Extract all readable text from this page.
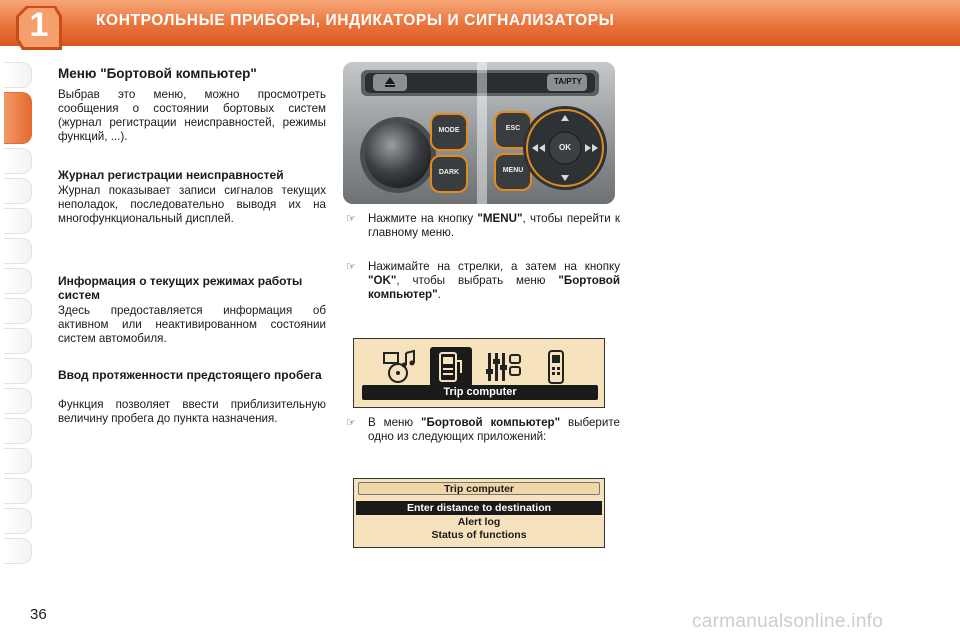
1	КОНТРОЛЬНЫЕ ПРИБОРЫ, ИНДИКАТОРЫ И СИГНАЛИЗАТОРЫ
Меню "Бортовой компьютер"
Выбрав это меню, можно просмотреть сообщения о состоянии бортовых систем (журнал регистрации неисправностей, режимы функций, ...).
Журнал регистрации неисправностей
Журнал показывает записи сигналов текущих неполадок, последовательно выводя их на многофункциональный дисплей.
Информация о текущих режимах работы систем
Здесь предоставляется информация об активном или неактивированном состоянии систем автомобиля.
Ввод протяженности предстоящего пробега
Функция позволяет ввести приблизительную величину пробега до пункта назначения.
TA/PTY
MODE
DARK
ESC
MENU
OK
☞ Нажмите на кнопку "MENU", чтобы перейти к главному меню.
☞ Нажимайте на стрелки, а затем на кнопку "OK", чтобы выбрать меню "Бортовой компьютер".
Trip computer
☞ В меню "Бортовой компьютер" выберите одно из следующих приложений:
Trip computer
Enter distance to destination
Alert log
Status of functions
36	carmanualsonline.info
